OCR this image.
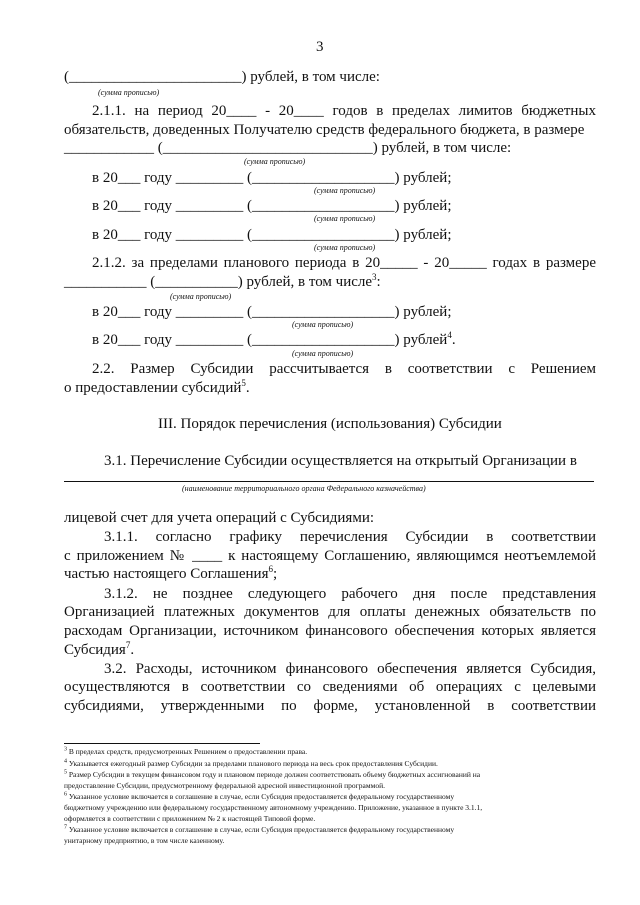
3
(_______________________) рублей, в том числе:
(сумма прописью)
2.1.1. на период 20____ - 20____ годов в пределах лимитов бюджетных
обязательств, доведенных Получателю средств федерального бюджета, в размере
____________ (____________________________) рублей, в том числе:
(сумма прописью)
в 20___ году _________ (___________________) рублей;
(сумма прописью)
в 20___ году _________ (___________________) рублей;
(сумма прописью)
в 20___ году _________ (___________________) рублей;
(сумма прописью)
2.1.2. за пределами планового периода в 20_____ - 20_____ годах в размере
___________ (___________) рублей, в том числе$^3$:
(сумма прописью)
в 20___ году _________ (___________________) рублей;
(сумма прописью)
в 20___ году _________ (___________________) рублей$^4$.
(сумма прописью)
2.2. Размер Субсидии рассчитывается в соответствии с Решением
о предоставлении субсидий$^5$.
III. Порядок перечисления (использования) Субсидии
3.1. Перечисление Субсидии осуществляется на открытый Организации в
(наименование территориального органа Федерального казначейства)
лицевой счет для учета операций с Субсидиями:
3.1.1. согласно графику перечисления Субсидии в соответствии
с приложением № ____ к настоящему Соглашению, являющимся неотъемлемой
частью настоящего Соглашения$^6$;
3.1.2. не позднее следующего рабочего дня после представления
Организацией платежных документов для оплаты денежных обязательств по
расходам Организации, источником финансового обеспечения которых является
Субсидия$^7$.
3.2. Расходы, источником финансового обеспечения является Субсидия,
осуществляются в соответствии со сведениями об операциях с целевыми
субсидиями, утвержденными по форме, установленной в соответствии
$^3$ В пределах средств, предусмотренных Решением о предоставлении права.
$^4$ Указывается ежегодный размер Субсидии за пределами планового периода на весь срок предоставления Субсидии.
$^5$ Размер Субсидии в текущем финансовом году и плановом периоде должен соответствовать объему бюджетных ассигнований на
предоставление Субсидии, предусмотренному федеральной адресной инвестиционной программой.
$^6$ Указанное условие включается в соглашение в случае, если Субсидия предоставляется федеральному государственному
бюджетному учреждению или федеральному государственному автономному учреждению. Приложение, указанное в пункте 3.1.1,
оформляется в соответствии с приложением № 2 к настоящей Типовой форме.
$^7$ Указанное условие включается в соглашение в случае, если Субсидия предоставляется федеральному государственному
унитарному предприятию, в том числе казенному.
